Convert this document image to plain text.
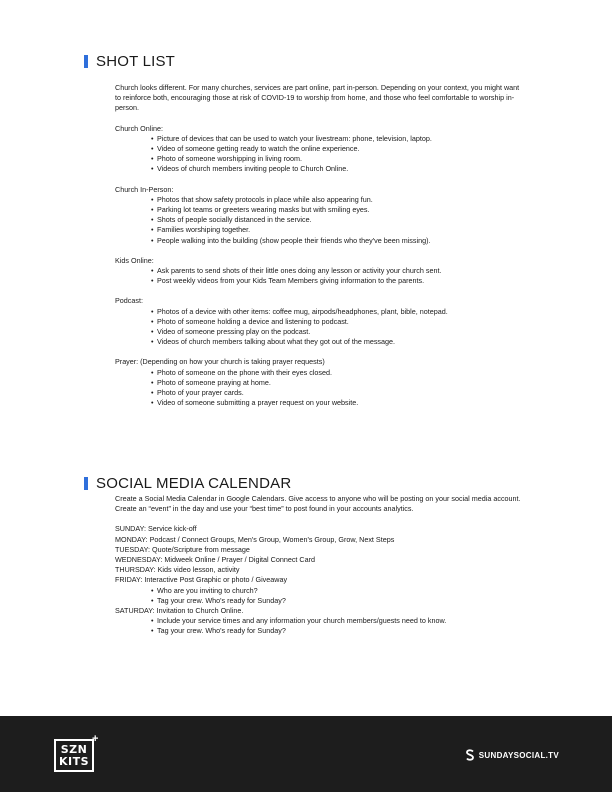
SHOT LIST

Church looks different. For many churches, services are part online, part in-person. Depending on your context, you might want to reinforce both, encouraging those at risk of COVID-19 to worship from home, and those who feel comfortable to worship in-person.

Church Online:

• Picture of devices that can be used to watch your livestream: phone, television, laptop.
• Video of someone getting ready to watch the online experience.
• Photo of someone worshipping in living room.
• Videos of church members inviting people to Church Online.

Church In-Person:

• Photos that show safety protocols in place while also appearing fun.
• Parking lot teams or greeters wearing masks but with smiling eyes.
• Shots of people socially distanced in the service.
• Families worshiping together.
• People walking into the building (show people their friends who they've been missing).

Kids Online:

• Ask parents to send shots of their little ones doing any lesson or activity your church sent.
• Post weekly videos from your Kids Team Members giving information to the parents.

Podcast:

• Photos of a device with other items: coffee mug, airpods/headphones, plant, bible, notepad.
• Photo of someone holding a device and listening to podcast.
• Video of someone pressing play on the podcast.
• Videos of church members talking about what they got out of the message.

Prayer: (Depending on how your church is taking prayer requests)

• Photo of someone on the phone with their eyes closed.
• Photo of someone praying at home.
• Photo of your prayer cards.
• Video of someone submitting a prayer request on your website.
SOCIAL MEDIA CALENDAR

Create a Social Media Calendar in Google Calendars. Give access to anyone who will be posting on your social media account. Create an “event” in the day and use your “best time” to post found in your accounts analytics.

SUNDAY: Service kick-off

MONDAY: Podcast / Connect Groups, Men's Group, Women's Group, Grow, Next Steps

TUESDAY: Quote/Scripture from message

WEDNESDAY: Midweek Online / Prayer / Digital Connect Card

THURSDAY: Kids video lesson, activity

FRIDAY: Interactive Post Graphic or photo / Giveaway

• Who are you inviting to church?
• Tag your crew. Who's ready for Sunday?

SATURDAY: Invitation to Church Online.

• Include your service times and any information your church members/guests need to know.
• Tag your crew. Who's ready for Sunday?
SZN
KITS
+
SUNDAYSOCIAL.TV
